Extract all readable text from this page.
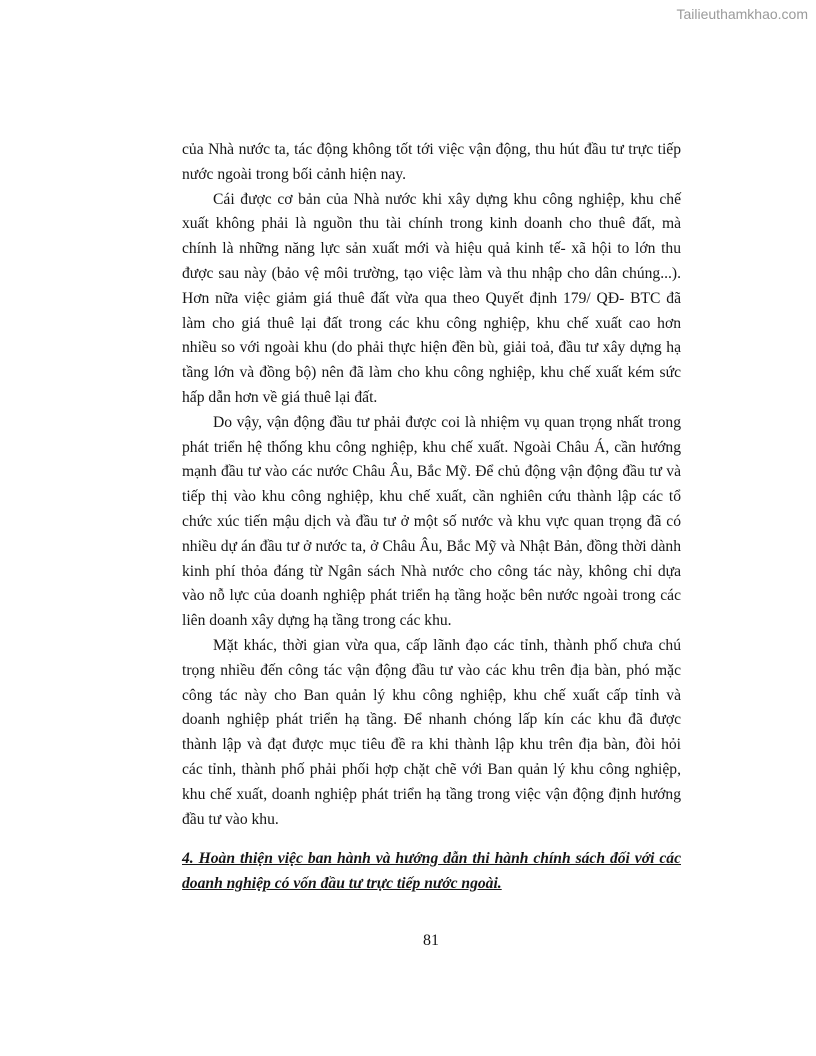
Tailieuthamkhao.com
của Nhà nước ta, tác động không tốt tới việc vận động, thu hút đầu tư trực tiếp
nước ngoài trong bối cảnh hiện nay.
Cái được cơ bản của Nhà nước khi xây dựng khu công nghiệp, khu chế
xuất không phải là nguồn thu tài chính trong kinh doanh cho thuê đất, mà
chính là những năng lực sản xuất mới và hiệu quả kinh tế- xã hội to lớn thu
được sau này (bảo vệ môi trường, tạo việc làm và thu nhập cho dân chúng...).
Hơn nữa việc giảm giá thuê đất vừa qua theo Quyết định 179/ QĐ- BTC đã
làm cho giá thuê lại đất trong các khu công nghiệp, khu chế xuất cao hơn
nhiều so với ngoài khu (do phải thực hiện đền bù, giải toả, đầu tư xây dựng hạ
tầng lớn và đồng bộ) nên đã làm cho khu công nghiệp, khu chế xuất kém sức
hấp dẫn hơn về giá thuê lại đất.
Do vậy, vận động đầu tư phải được coi là nhiệm vụ quan trọng nhất trong
phát triển hệ thống khu công nghiệp, khu chế xuất. Ngoài Châu Á, cần hướng
mạnh đầu tư vào các nước Châu Âu, Bắc Mỹ. Để chủ động vận động đầu tư và
tiếp thị vào khu công nghiệp, khu chế xuất, cần nghiên cứu thành lập các tổ
chức xúc tiến mậu dịch và đầu tư ở một số nước và khu vực quan trọng đã có
nhiều dự án đầu tư ở nước ta, ở Châu Âu, Bắc Mỹ và Nhật Bản, đồng thời dành
kinh phí thỏa đáng từ Ngân sách Nhà nước cho công tác này, không chỉ dựa
vào nỗ lực của doanh nghiệp phát triển hạ tầng hoặc bên nước ngoài trong các
liên doanh xây dựng hạ tầng trong các khu.
Mặt khác, thời gian vừa qua, cấp lãnh đạo các tỉnh, thành phố chưa chú
trọng nhiều đến công tác vận động đầu tư vào các khu trên địa bàn, phó mặc
công tác này cho Ban quản lý khu công nghiệp, khu chế xuất cấp tỉnh và
doanh nghiệp phát triển hạ tầng. Để nhanh chóng lấp kín các khu đã được
thành lập và đạt được mục tiêu đề ra khi thành lập khu trên địa bàn, đòi hỏi
các tỉnh, thành phố phải phối hợp chặt chẽ với Ban quản lý khu công nghiệp,
khu chế xuất, doanh nghiệp phát triển hạ tầng trong việc vận động định hướng
đầu tư vào khu.
4. Hoàn thiện việc ban hành và hướng dẫn thi hành chính sách đối với các
doanh nghiệp có vốn đầu tư trực tiếp nước ngoài.
81
